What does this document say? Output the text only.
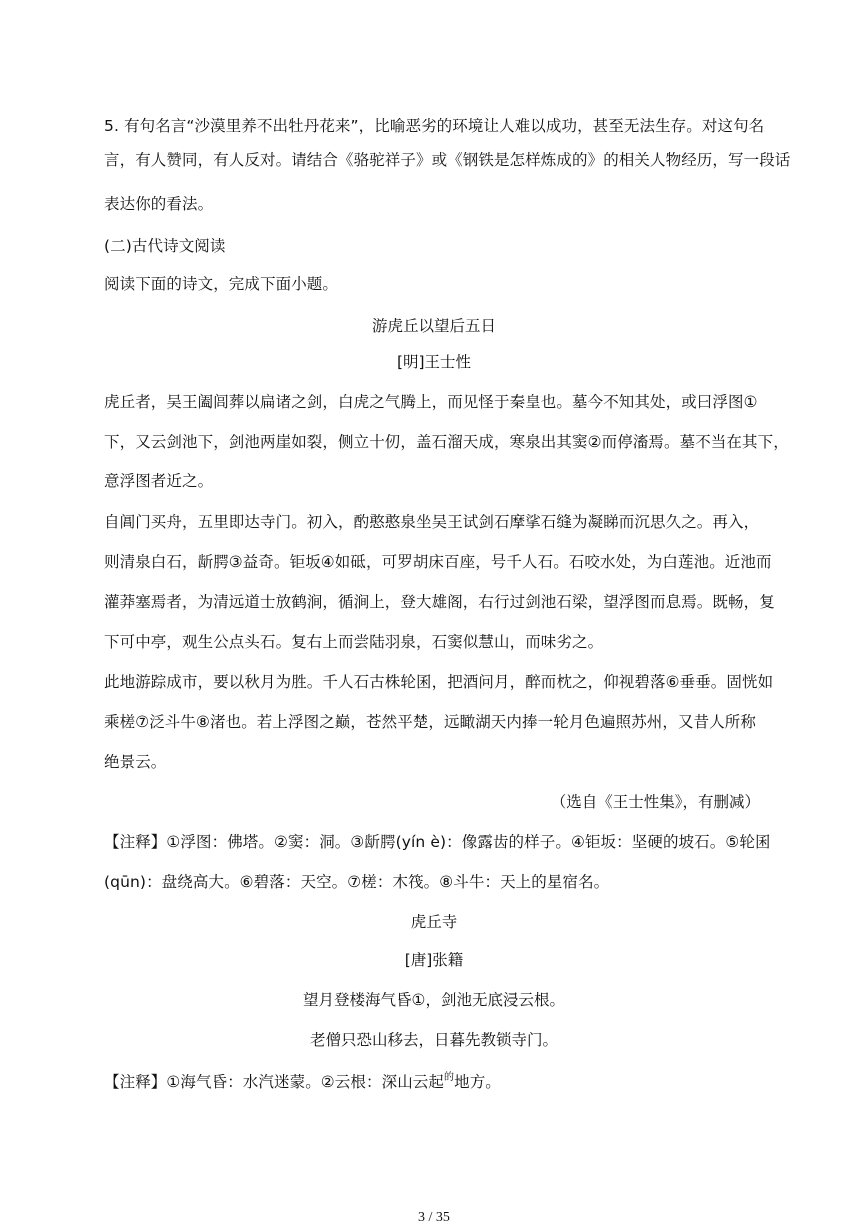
5. 有句名言“沙漠里养不出牡丹花来”，比喻恶劣的环境让人难以成功，甚至无法生存。对这句名
言，有人赞同，有人反对。请结合《骆驼祥子》或《钢铁是怎样炼成的》的相关人物经历，写一段话
表达你的看法。
(二)古代诗文阅读
阅读下面的诗文，完成下面小题。
游虎丘以望后五日
[明]王士性
虎丘者，吴王阖闾葬以扁诸之剑，白虎之气腾上，而见怪于秦皇也。墓今不知其处，或曰浮图①
下，又云剑池下，剑池两崖如裂，侧立十仞，盖石溜天成，寒泉出其窦②而停滀焉。墓不当在其下，
意浮图者近之。
自阊门买舟，五里即达寺门。初入，酌憨憨泉坐吴王试剑石摩挲石缝为凝睇而沉思久之。再入，
则清泉白石，龂腭③益奇。钜坂④如砥，可罗胡床百座，号千人石。石咬水处，为白莲池。近池而
灌莽塞焉者，为清远道士放鹤涧，循涧上，登大雄阁，右行过剑池石梁，望浮图而息焉。既畅，复
下可中亭，观生公点头石。复右上而尝陆羽泉，石窦似慧山，而味劣之。
此地游踪成市，要以秋月为胜。千人石古株轮囷，把酒问月，醉而枕之，仰视碧落⑥垂垂。固恍如
乘槎⑦泛斗牛⑧渚也。若上浮图之巅，苍然平楚，远瞰湖天内捧一轮月色遍照苏州，又昔人所称
绝景云。
（选自《王士性集》，有删减）
【注释】①浮图：佛塔。②窦：洞。③龂腭(yín è)：像露齿的样子。④钜坂：坚硬的坡石。⑤轮囷
(qūn)：盘绕高大。⑥碧落：天空。⑦槎：木筏。⑧斗牛：天上的星宿名。
虎丘寺
[唐]张籍
望月登楼海气昏①，剑池无底浸云根。
老僧只恐山移去，日暮先教锁寺门。
【注释】①海气昏：水汽迷蒙。②云根：深山云起$^的$地方。
3 / 35
